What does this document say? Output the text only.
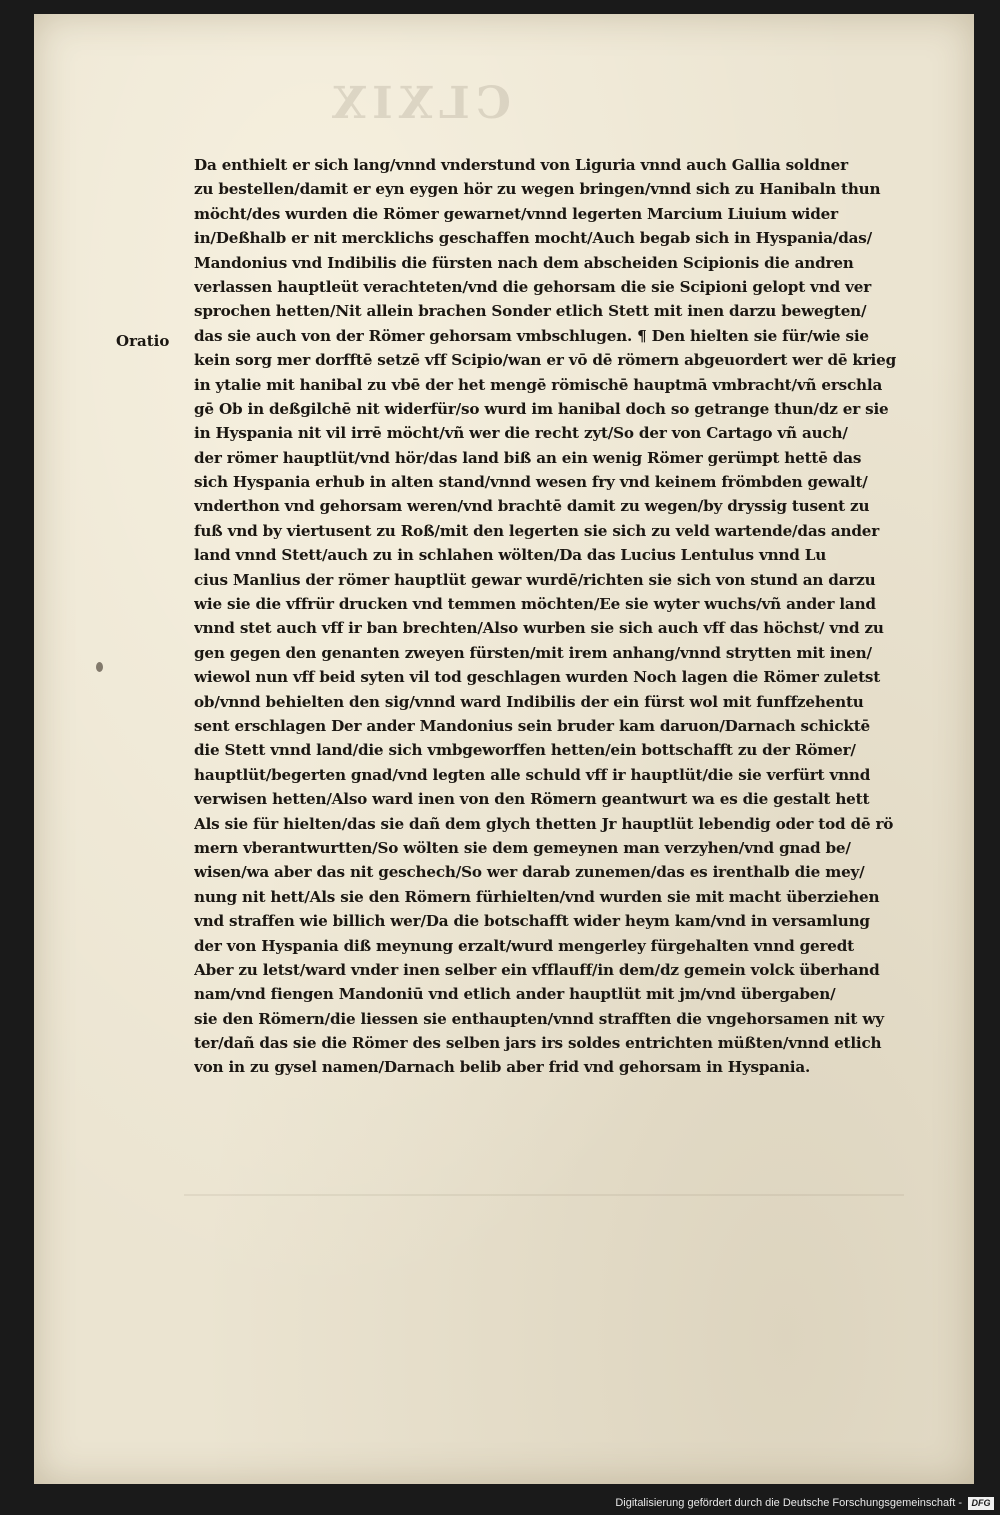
CLXIX
Oratio
Da enthielt er sich lang/vnnd vnderstund von Liguria vnnd auch Gallia soldner
zu bestellen/damit er eyn eygen hör zu wegen bringen/vnnd sich zu Hanibaln thun
möcht/des wurden die Römer gewarnet/vnnd legerten Marcium Liuium wider
in/Deßhalb er nit mercklichs geschaffen mocht/Auch begab sich in Hyspania/das/
Mandonius vnd Indibilis die fürsten nach dem abscheiden Scipionis die andren
verlassen hauptleüt verachteten/vnd die gehorsam die sie Scipioni gelopt vnd ver
sprochen hetten/Nit allein brachen Sonder etlich Stett mit inen darzu bewegten/
das sie auch von der Römer gehorsam vmbschlugen. ¶ Den hielten sie für/wie sie
kein sorg mer dorfftē setzē vff Scipio/wan er vō dē römern abgeuordert wer dē krieg
in ytalie mit hanibal zu vbē der het mengē römischē hauptmā vmbracht/vñ erschla
gē Ob in deßgilchē nit widerfür/so wurd im hanibal doch so getrange thun/dz er sie
in Hyspania nit vil irrē möcht/vñ wer die recht zyt/So der von Cartago vñ auch/
der römer hauptlüt/vnd hör/das land biß an ein wenig Römer gerümpt hettē das
sich Hyspania erhub in alten stand/vnnd wesen fry vnd keinem frömbden gewalt/
vnderthon vnd gehorsam weren/vnd brachtē damit zu wegen/by dryssig tusent zu
fuß vnd by viertusent zu Roß/mit den legerten sie sich zu veld wartende/das ander
land vnnd Stett/auch zu in schlahen wölten/Da das Lucius Lentulus vnnd Lu
cius Manlius der römer hauptlüt gewar wurdē/richten sie sich von stund an darzu
wie sie die vffrür drucken vnd temmen möchten/Ee sie wyter wuchs/vñ ander land
vnnd stet auch vff ir ban brechten/Also wurben sie sich auch vff das höchst/ vnd zu
gen gegen den genanten zweyen fürsten/mit irem anhang/vnnd strytten mit inen/
wiewol nun vff beid syten vil tod geschlagen wurden Noch lagen die Römer zuletst
ob/vnnd behielten den sig/vnnd ward Indibilis der ein fürst wol mit funffzehentu
sent erschlagen Der ander Mandonius sein bruder kam daruon/Darnach schicktē
die Stett vnnd land/die sich vmbgeworffen hetten/ein bottschafft zu der Römer/
hauptlüt/begerten gnad/vnd legten alle schuld vff ir hauptlüt/die sie verfürt vnnd
verwisen hetten/Also ward inen von den Römern geantwurt wa es die gestalt hett
Als sie für hielten/das sie dañ dem glych thetten Jr hauptlüt lebendig oder tod dē rö
mern vberantwurtten/So wölten sie dem gemeynen man verzyhen/vnd gnad be/
wisen/wa aber das nit geschech/So wer darab zunemen/das es irenthalb die mey/
nung nit hett/Als sie den Römern fürhielten/vnd wurden sie mit macht überziehen
vnd straffen wie billich wer/Da die botschafft wider heym kam/vnd in versamlung
der von Hyspania diß meynung erzalt/wurd mengerley fürgehalten vnnd geredt
Aber zu letst/ward vnder inen selber ein vfflauff/in dem/dz gemein volck überhand
nam/vnd fiengen Mandoniū vnd etlich ander hauptlüt mit jm/vnd übergaben/
sie den Römern/die liessen sie enthaupten/vnnd strafften die vngehorsamen nit wy
ter/dañ das sie die Römer des selben jars irs soldes entrichten müßten/vnnd etlich
von in zu gysel namen/Darnach belib aber frid vnd gehorsam in Hyspania.
Digitalisierung gefördert durch die Deutsche Forschungsgemeinschaft -	DFG
